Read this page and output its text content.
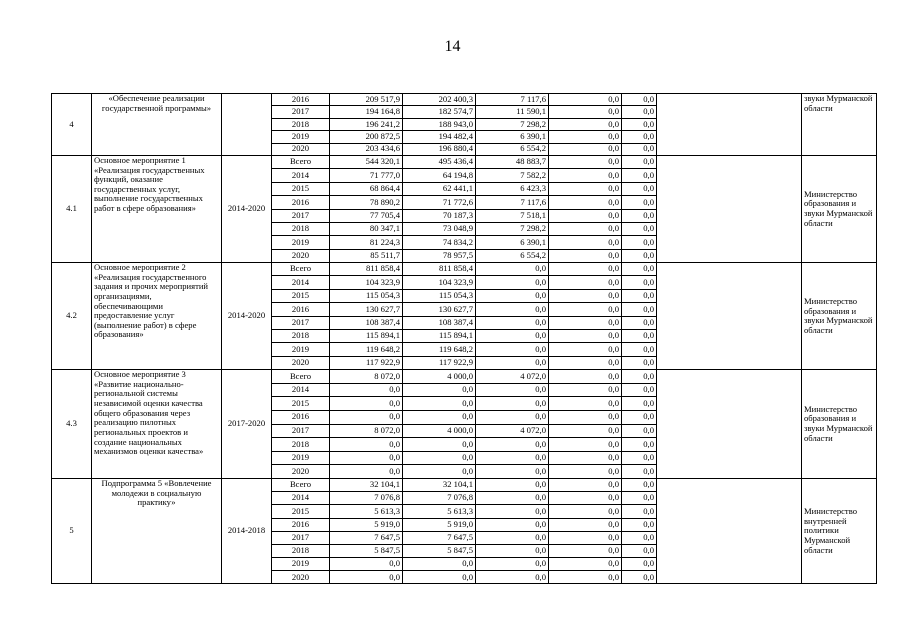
14
4	«Обеспечение реализации государственной программы»		2016	209 517,9	202 400,3	7 117,6	0,0	0,0		звуки Мурманской области
			2017	194 164,8	182 574,7	11 590,1	0,0	0,0		
			2018	196 241,2	188 943,0	7 298,2	0,0	0,0		
			2019	200 872,5	194 482,4	6 390,1	0,0	0,0		
			2020	203 434,6	196 880,4	6 554,2	0,0	0,0		
4.1	Основное мероприятие 1 «Реализация государственных функций, оказание государственных услуг, выполнение государственных работ в сфере образования»	2014-2020	Всего	544 320,1	495 436,4	48 883,7	0,0	0,0		Министерство образования и звуки Мурманской области
			2014	71 777,0	64 194,8	7 582,2	0,0	0,0		
			2015	68 864,4	62 441,1	6 423,3	0,0	0,0		
			2016	78 890,2	71 772,6	7 117,6	0,0	0,0		
			2017	77 705,4	70 187,3	7 518,1	0,0	0,0		
			2018	80 347,1	73 048,9	7 298,2	0,0	0,0		
			2019	81 224,3	74 834,2	6 390,1	0,0	0,0		
			2020	85 511,7	78 957,5	6 554,2	0,0	0,0		
4.2	Основное мероприятие 2 «Реализация государственного задания и прочих мероприятий организациями, обеспечивающими предоставление услуг (выполнение работ) в сфере образования»	2014-2020	Всего	811 858,4	811 858,4	0,0	0,0	0,0		Министерство образования и звуки Мурманской области
			2014	104 323,9	104 323,9	0,0	0,0	0,0		
			2015	115 054,3	115 054,3	0,0	0,0	0,0		
			2016	130 627,7	130 627,7	0,0	0,0	0,0		
			2017	108 387,4	108 387,4	0,0	0,0	0,0		
			2018	115 894,1	115 894,1	0,0	0,0	0,0		
			2019	119 648,2	119 648,2	0,0	0,0	0,0		
			2020	117 922,9	117 922,9	0,0	0,0	0,0		
4.3	Основное мероприятие 3 «Развитие национально-региональной системы независимой оценки качества общего образования через реализацию пилотных региональных проектов и создание национальных механизмов оценки качества»	2017-2020	Всего	8 072,0	4 000,0	4 072,0	0,0	0,0		Министерство образования и звуки Мурманской области
			2014	0,0	0,0	0,0	0,0	0,0		
			2015	0,0	0,0	0,0	0,0	0,0		
			2016	0,0	0,0	0,0	0,0	0,0		
			2017	8 072,0	4 000,0	4 072,0	0,0	0,0		
			2018	0,0	0,0	0,0	0,0	0,0		
			2019	0,0	0,0	0,0	0,0	0,0		
			2020	0,0	0,0	0,0	0,0	0,0		
5	Подпрограмма 5 «Вовлечение молодежи в социальную практику»	2014-2018	Всего	32 104,1	32 104,1	0,0	0,0	0,0		Министерство внутренней политики Мурманской области
			2014	7 076,8	7 076,8	0,0	0,0	0,0		
			2015	5 613,3	5 613,3	0,0	0,0	0,0		
			2016	5 919,0	5 919,0	0,0	0,0	0,0		
			2017	7 647,5	7 647,5	0,0	0,0	0,0		
			2018	5 847,5	5 847,5	0,0	0,0	0,0		
			2019	0,0	0,0	0,0	0,0	0,0		
			2020	0,0	0,0	0,0	0,0	0,0		
